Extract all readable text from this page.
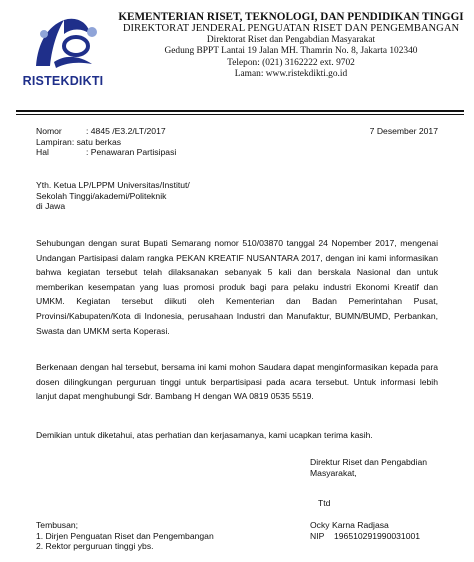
RISTEKDIKTI
KEMENTERIAN RISET, TEKNOLOGI, DAN PENDIDIKAN TINGGI
DIREKTORAT JENDERAL PENGUATAN RISET DAN PENGEMBANGAN
Direktorat Riset dan Pengabdian Masyarakat
Gedung BPPT Lantai 19 Jalan MH. Thamrin No. 8, Jakarta 102340
Telepon: (021) 3162222 ext. 9702
Laman: www.ristekdikti.go.id
Nomor	: 4845 /E3.2/LT/2017
Lampiran: satu berkas
Hal	: Penawaran Partisipasi
7 Desember 2017
Yth. Ketua LP/LPPM Universitas/Institut/
Sekolah Tinggi/akademi/Politeknik
di Jawa
Sehubungan dengan surat Bupati Semarang nomor 510/03870 tanggal 24 Nopember 2017, mengenai Undangan Partisipasi dalam rangka PEKAN KREATIF NUSANTARA 2017, dengan ini kami informasikan bahwa kegiatan tersebut telah dilaksanakan sebanyak 5 kali dan berskala Nasional dan untuk memberikan kesempatan yang luas promosi produk bagi para pelaku industri Ekonomi Kreatif dan UMKM. Kegiatan tersebut diikuti oleh Kementerian dan Badan Pemerintahan Pusat, Provinsi/Kabupaten/Kota di Indonesia, perusahaan Industri dan Manufaktur, BUMN/BUMD, Perbankan, Swasta dan UMKM serta Koperasi.
Berkenaan dengan hal tersebut, bersama ini kami mohon Saudara dapat menginformasikan kepada para dosen dilingkungan perguruan tinggi untuk berpartisipasi pada acara tersebut. Untuk informasi lebih lanjut dapat menghubungi Sdr. Bambang H dengan WA 0819 0535 5519.
Demikian untuk diketahui, atas perhatian dan kerjasamanya, kami ucapkan terima kasih.
Direktur Riset dan Pengabdian
Masyarakat,
Ttd
Ocky Karna Radjasa
NIP	196510291990031001
Tembusan;
1. Dirjen Penguatan Riset dan Pengembangan
2. Rektor perguruan tinggi ybs.
